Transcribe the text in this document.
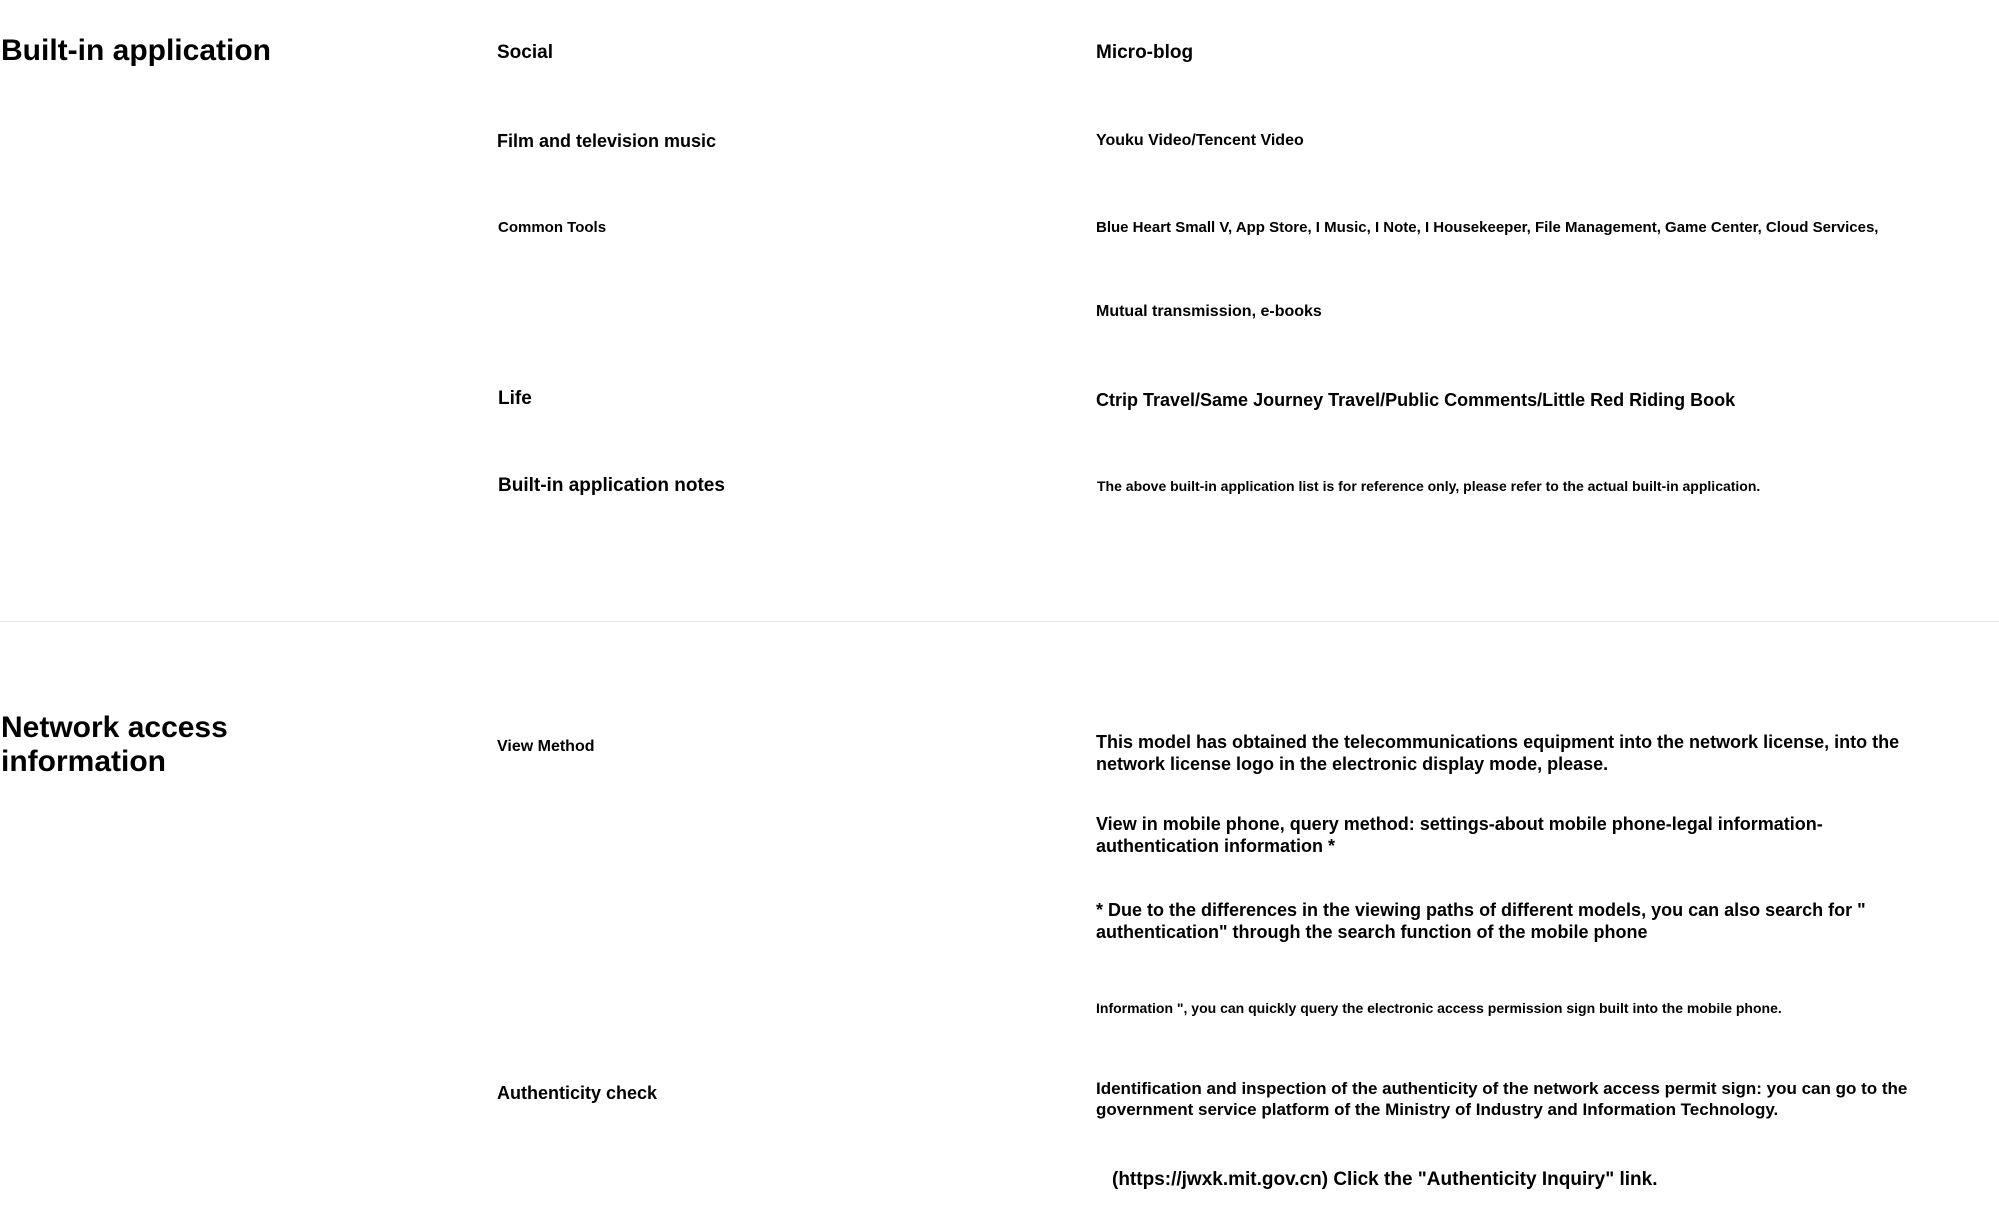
Built-in application	Social	Micro-blog
Film and television music	Youku Video/Tencent Video
Common Tools	Blue Heart Small V, App Store, I Music, I Note, I Housekeeper, File Management, Game Center, Cloud Services,
Mutual transmission, e-books
Life	Ctrip Travel/Same Journey Travel/Public Comments/Little Red Riding Book
Built-in application notes	The above built-in application list is for reference only, please refer to the actual built-in application.
Network access information	View Method	This model has obtained the telecommunications equipment into the network license, into the network license logo in the electronic display mode, please.
View in mobile phone, query method: settings-about mobile phone-legal information-authentication information *
* Due to the differences in the viewing paths of different models, you can also search for " authentication" through the search function of the mobile phone
Information ", you can quickly query the electronic access permission sign built into the mobile phone.
Authenticity check	Identification and inspection of the authenticity of the network access permit sign: you can go to the government service platform of the Ministry of Industry and Information Technology.
(https://jwxk.mit.gov.cn) Click the "Authenticity Inquiry" link.
